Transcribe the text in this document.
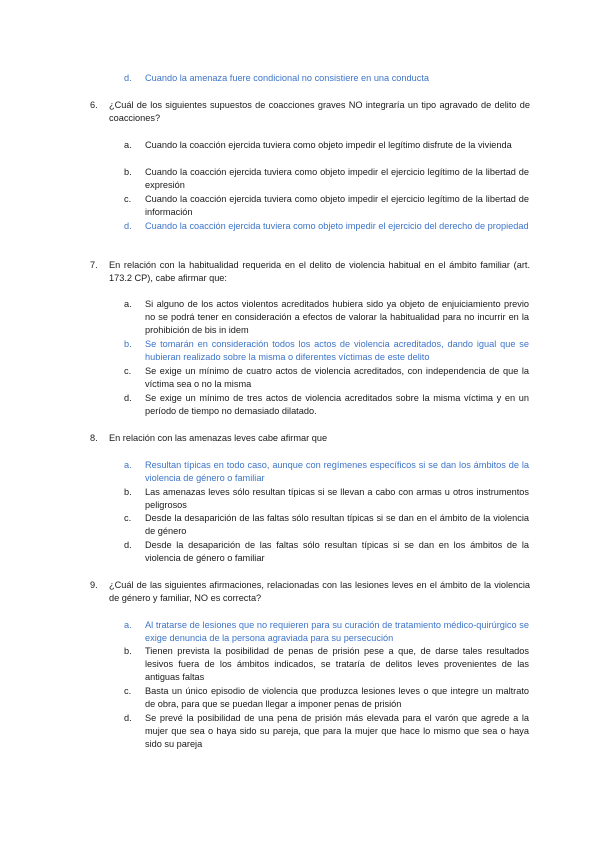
d.	Cuando la amenaza fuere condicional no consistiere en una conducta
6. ¿Cuál de los siguientes supuestos de coacciones graves NO integraría un tipo agravado de delito de coacciones?
a.	Cuando la coacción ejercida tuviera como objeto impedir el legítimo disfrute de la vivienda
b.	Cuando la coacción ejercida tuviera como objeto impedir el ejercicio legítimo de la libertad de expresión
c.	Cuando la coacción ejercida tuviera como objeto impedir el ejercicio legítimo de la libertad de información
d.	Cuando la coacción ejercida tuviera como objeto impedir el ejercicio del derecho de propiedad
7. En relación con la habitualidad requerida en el delito de violencia habitual en el ámbito familiar (art. 173.2 CP), cabe afirmar que:
a.	Si alguno de los actos violentos acreditados hubiera sido ya objeto de enjuiciamiento previo no se podrá tener en consideración a efectos de valorar la habitualidad para no incurrir en la prohibición de bis in idem
b.	Se tomarán en consideración todos los actos de violencia acreditados, dando igual que se hubieran realizado sobre la misma o diferentes víctimas de este delito
c.	Se exige un mínimo de cuatro actos de violencia acreditados, con independencia de que la víctima sea o no la misma
d.	Se exige un mínimo de tres actos de violencia acreditados sobre la misma víctima y en un período de tiempo no demasiado dilatado.
8. En relación con las amenazas leves cabe afirmar que
a.	Resultan típicas en todo caso, aunque con regímenes específicos si se dan los ámbitos de la violencia de género o familiar
b.	Las amenazas leves sólo resultan típicas si se llevan a cabo con armas u otros instrumentos peligrosos
c.	Desde la desaparición de las faltas sólo resultan típicas si se dan en el ámbito de la violencia de género
d.	Desde la desaparición de las faltas sólo resultan típicas si se dan en los ámbitos de la violencia de género o familiar
9. ¿Cuál de las siguientes afirmaciones, relacionadas con las lesiones leves en el ámbito de la violencia de género y familiar, NO es correcta?
a.	Al tratarse de lesiones que no requieren para su curación de tratamiento médico-quirúrgico se exige denuncia de la persona agraviada para su persecución
b.	Tienen prevista la posibilidad de penas de prisión pese a que, de darse tales resultados lesivos fuera de los ámbitos indicados, se trataría de delitos leves provenientes de las antiguas faltas
c.	Basta un único episodio de violencia que produzca lesiones leves o que integre un maltrato de obra, para que se puedan llegar a imponer penas de prisión
d.	Se prevé la posibilidad de una pena de prisión más elevada para el varón que agrede a la mujer que sea o haya sido su pareja, que para la mujer que hace lo mismo que sea o haya sido su pareja
